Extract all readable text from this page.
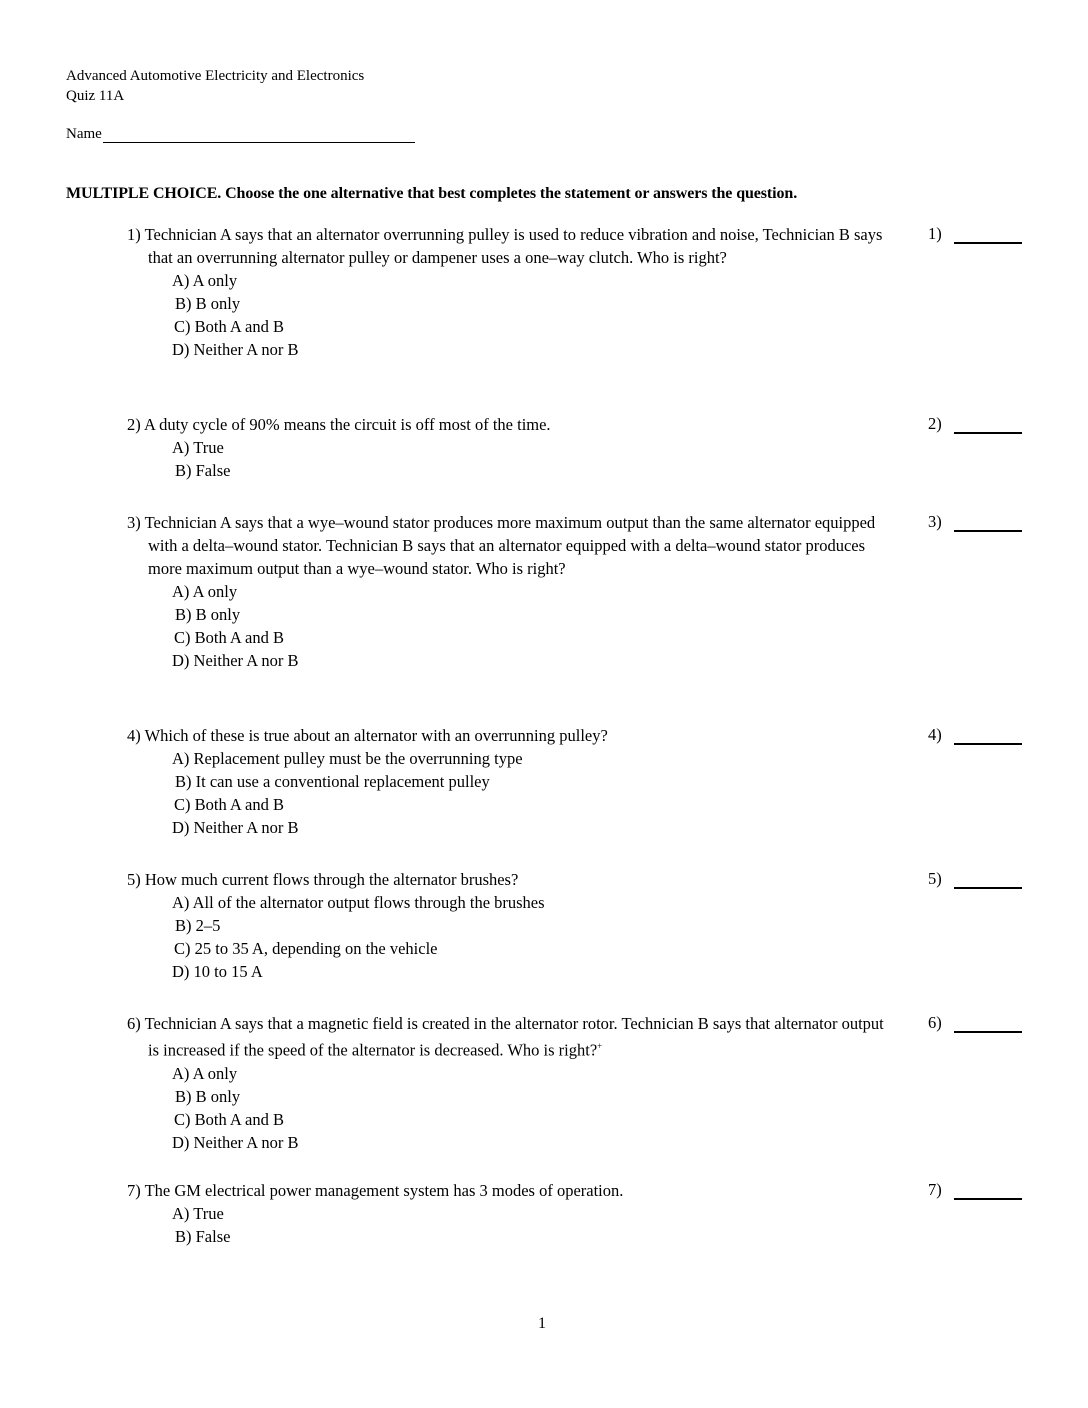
Advanced Automotive Electricity and Electronics
Quiz 11A
Name
MULTIPLE CHOICE. Choose the one alternative that best completes the statement or answers the question.
1) Technician A says that an alternator overrunning pulley is used to reduce vibration and noise, Technician B says that an overrunning alternator pulley or dampener uses a one–way clutch. Who is right?
A) A only
B) B only
C) Both A and B
D) Neither A nor B
1)
2) A duty cycle of 90% means the circuit is off most of the time.
A) True
B) False
2)
3) Technician A says that a wye–wound stator produces more maximum output than the same alternator equipped with a delta–wound stator. Technician B says that an alternator equipped with a delta–wound stator produces more maximum output than a wye–wound stator. Who is right?
A) A only
B) B only
C) Both A and B
D) Neither A nor B
3)
4) Which of these is true about an alternator with an overrunning pulley?
A) Replacement pulley must be the overrunning type
B) It can use a conventional replacement pulley
C) Both A and B
D) Neither A nor B
4)
5) How much current flows through the alternator brushes?
A) All of the alternator output flows through the brushes
B) 2–5
C) 25 to 35 A, depending on the vehicle
D) 10 to 15 A
5)
6) Technician A says that a magnetic field is created in the alternator rotor. Technician B says that alternator output is increased if the speed of the alternator is decreased. Who is right?+
A) A only
B) B only
C) Both A and B
D) Neither A nor B
6)
7) The GM electrical power management system has 3 modes of operation.
A) True
B) False
7)
1
